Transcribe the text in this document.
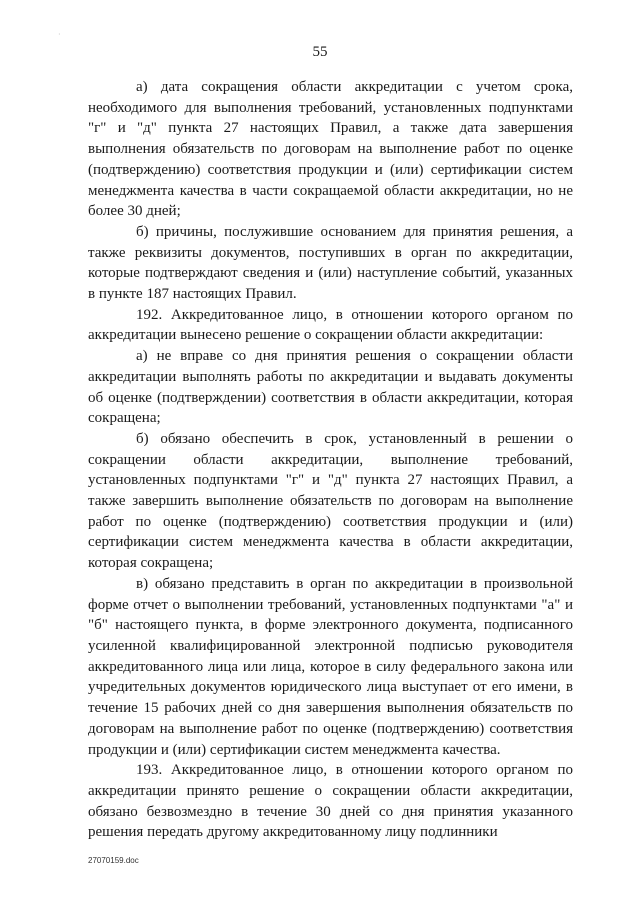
·
55

а) дата сокращения области аккредитации с учетом срока, необходимого для выполнения требований, установленных подпунктами "г" и "д" пункта 27 настоящих Правил, а также дата завершения выполнения обязательств по договорам на выполнение работ по оценке (подтверждению) соответствия продукции и (или) сертификации систем менеджмента качества в части сокращаемой области аккредитации, но не более 30 дней;

б) причины, послужившие основанием для принятия решения, а также реквизиты документов, поступивших в орган по аккредитации, которые подтверждают сведения и (или) наступление событий, указанных в пункте 187 настоящих Правил.

192. Аккредитованное лицо, в отношении которого органом по аккредитации вынесено решение о сокращении области аккредитации:

а) не вправе со дня принятия решения о сокращении области аккредитации выполнять работы по аккредитации и выдавать документы об оценке (подтверждении) соответствия в области аккредитации, которая сокращена;

б) обязано обеспечить в срок, установленный в решении о сокращении области аккредитации, выполнение требований, установленных подпунктами "г" и "д" пункта 27 настоящих Правил, а также завершить выполнение обязательств по договорам на выполнение работ по оценке (подтверждению) соответствия продукции и (или) сертификации систем менеджмента качества в области аккредитации, которая сокращена;

в) обязано представить в орган по аккредитации в произвольной форме отчет о выполнении требований, установленных подпунктами "а" и "б" настоящего пункта, в форме электронного документа, подписанного усиленной квалифицированной электронной подписью руководителя аккредитованного лица или лица, которое в силу федерального закона или учредительных документов юридического лица выступает от его имени, в течение 15 рабочих дней со дня завершения выполнения обязательств по договорам на выполнение работ по оценке (подтверждению) соответствия продукции и (или) сертификации систем менеджмента качества.

193. Аккредитованное лицо, в отношении которого органом по аккредитации принято решение о сокращении области аккредитации, обязано безвозмездно в течение 30 дней со дня принятия указанного решения передать другому аккредитованному лицу подлинники

27070159.doc
